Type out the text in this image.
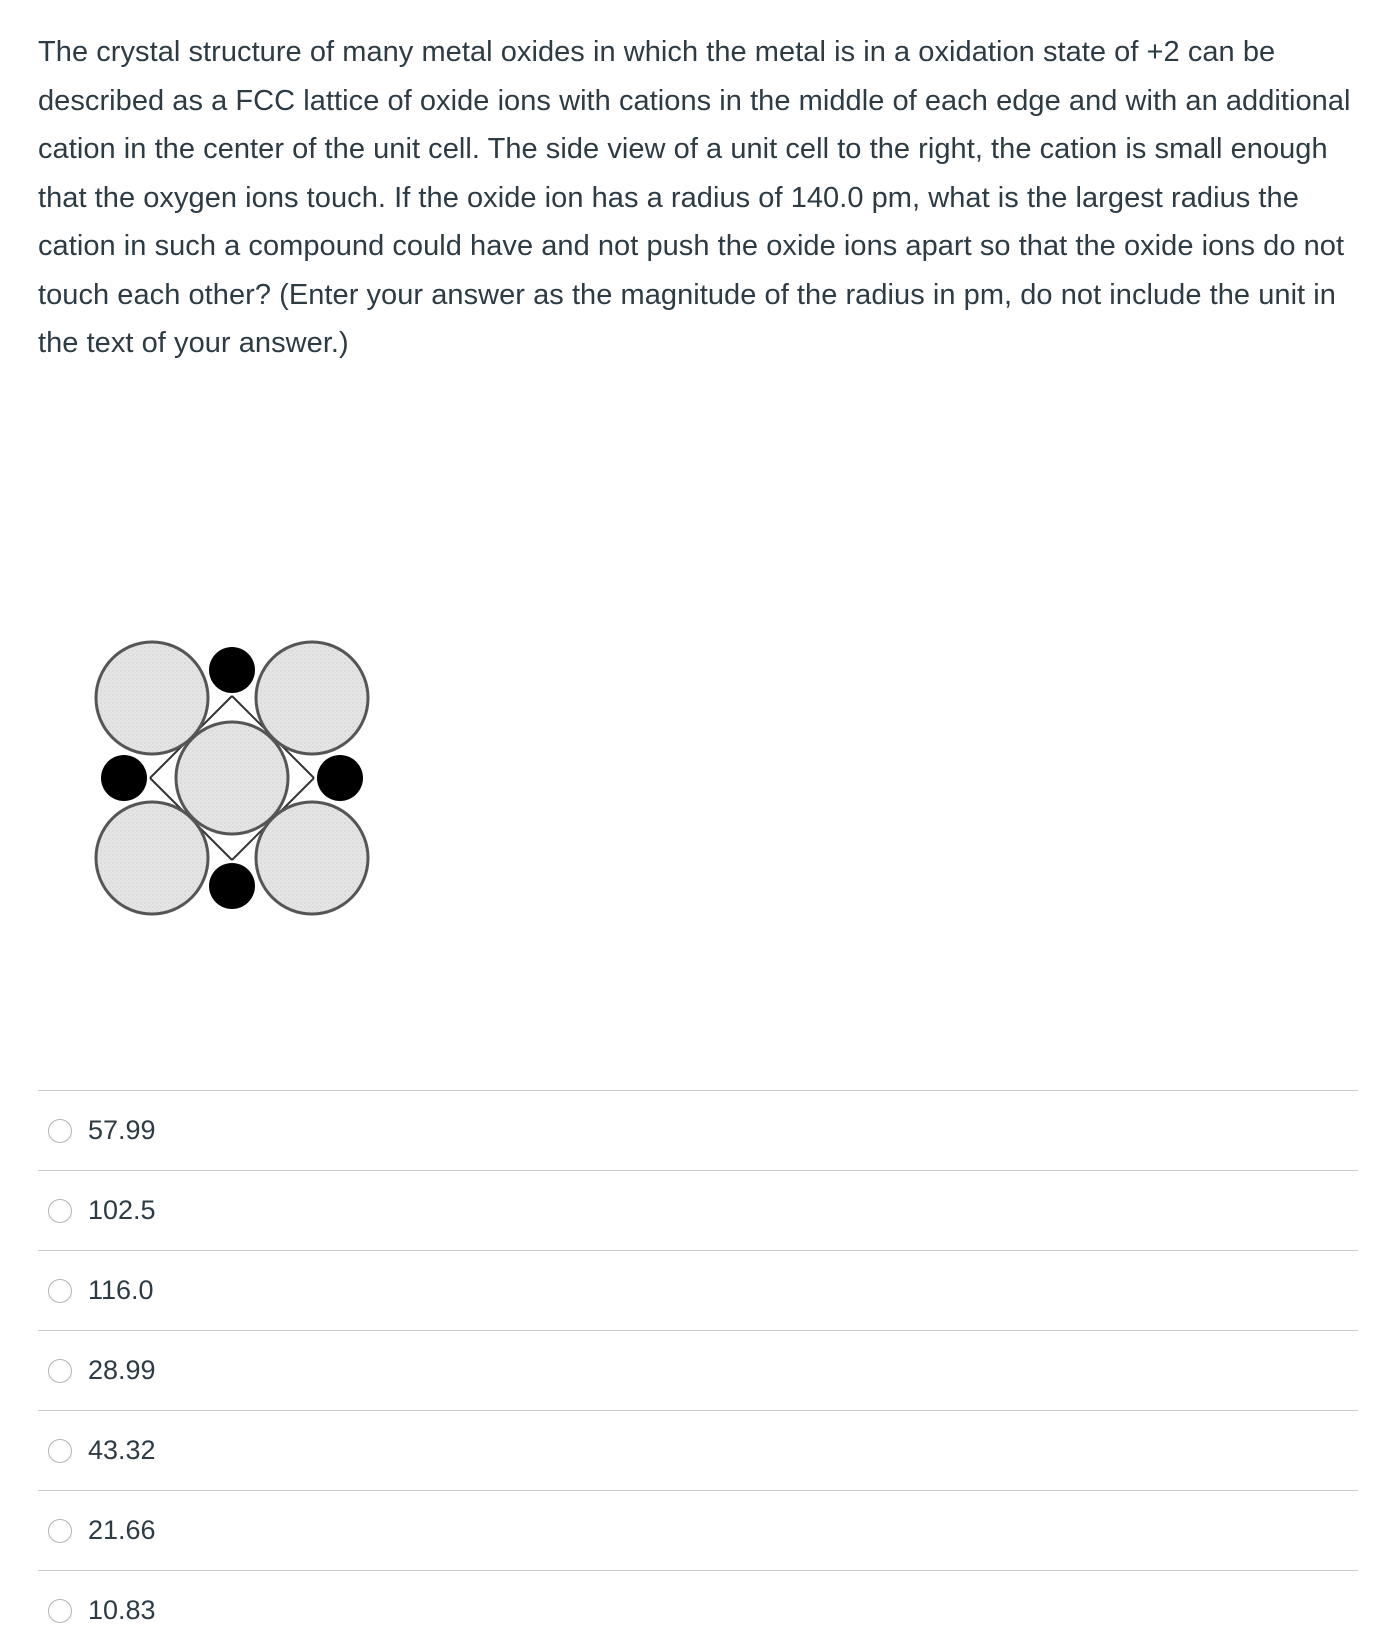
The crystal structure of many metal oxides in which the metal is in a oxidation state of +2 can be described as a FCC lattice of oxide ions with cations in the middle of each edge and with an additional cation in the center of the unit cell. The side view of a unit cell to the right, the cation is small enough that the oxygen ions touch. If the oxide ion has a radius of 140.0 pm, what is the largest radius the cation in such a compound could have and not push the oxide ions apart so that the oxide ions do not touch each other? (Enter your answer as the magnitude of the radius in pm, do not include the unit in the text of your answer.)

57.99
102.5
116.0
28.99
43.32
21.66
10.83
